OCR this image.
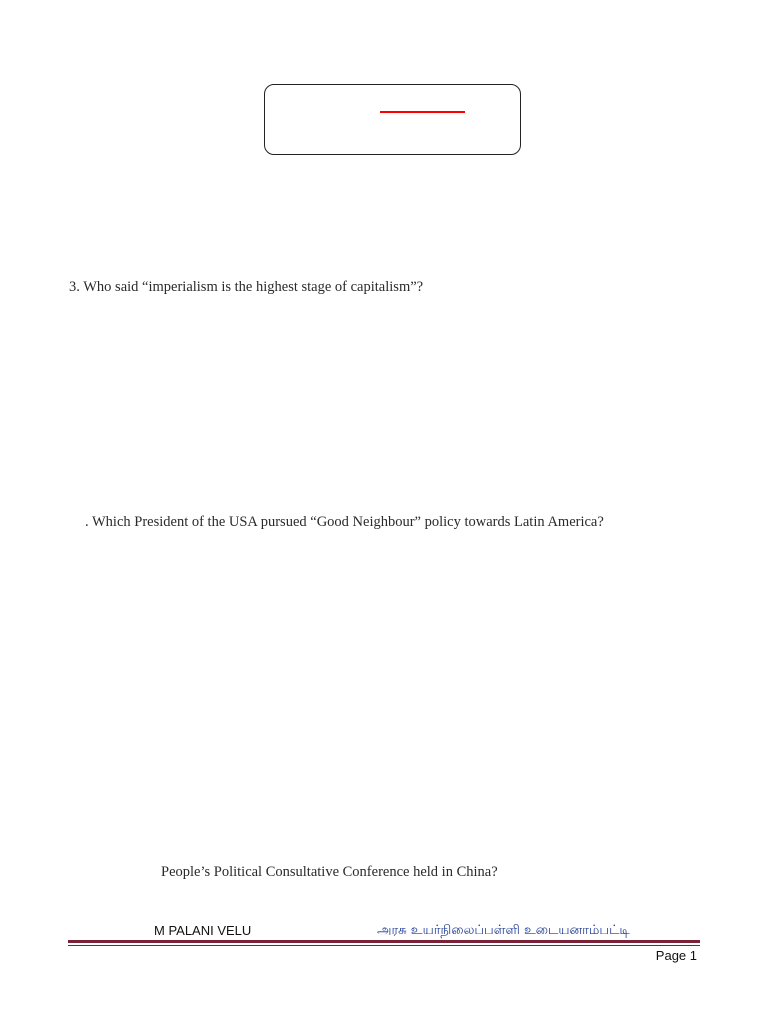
3. Who said “imperialism is the highest stage of capitalism”?
. Which President of the USA pursued “Good Neighbour” policy towards Latin America?
People’s Political Consultative Conference held in China?
M PALANI VELU	அரசு உயர்நிலைப்பள்ளி உடையனாம்பட்டி
Page 1
